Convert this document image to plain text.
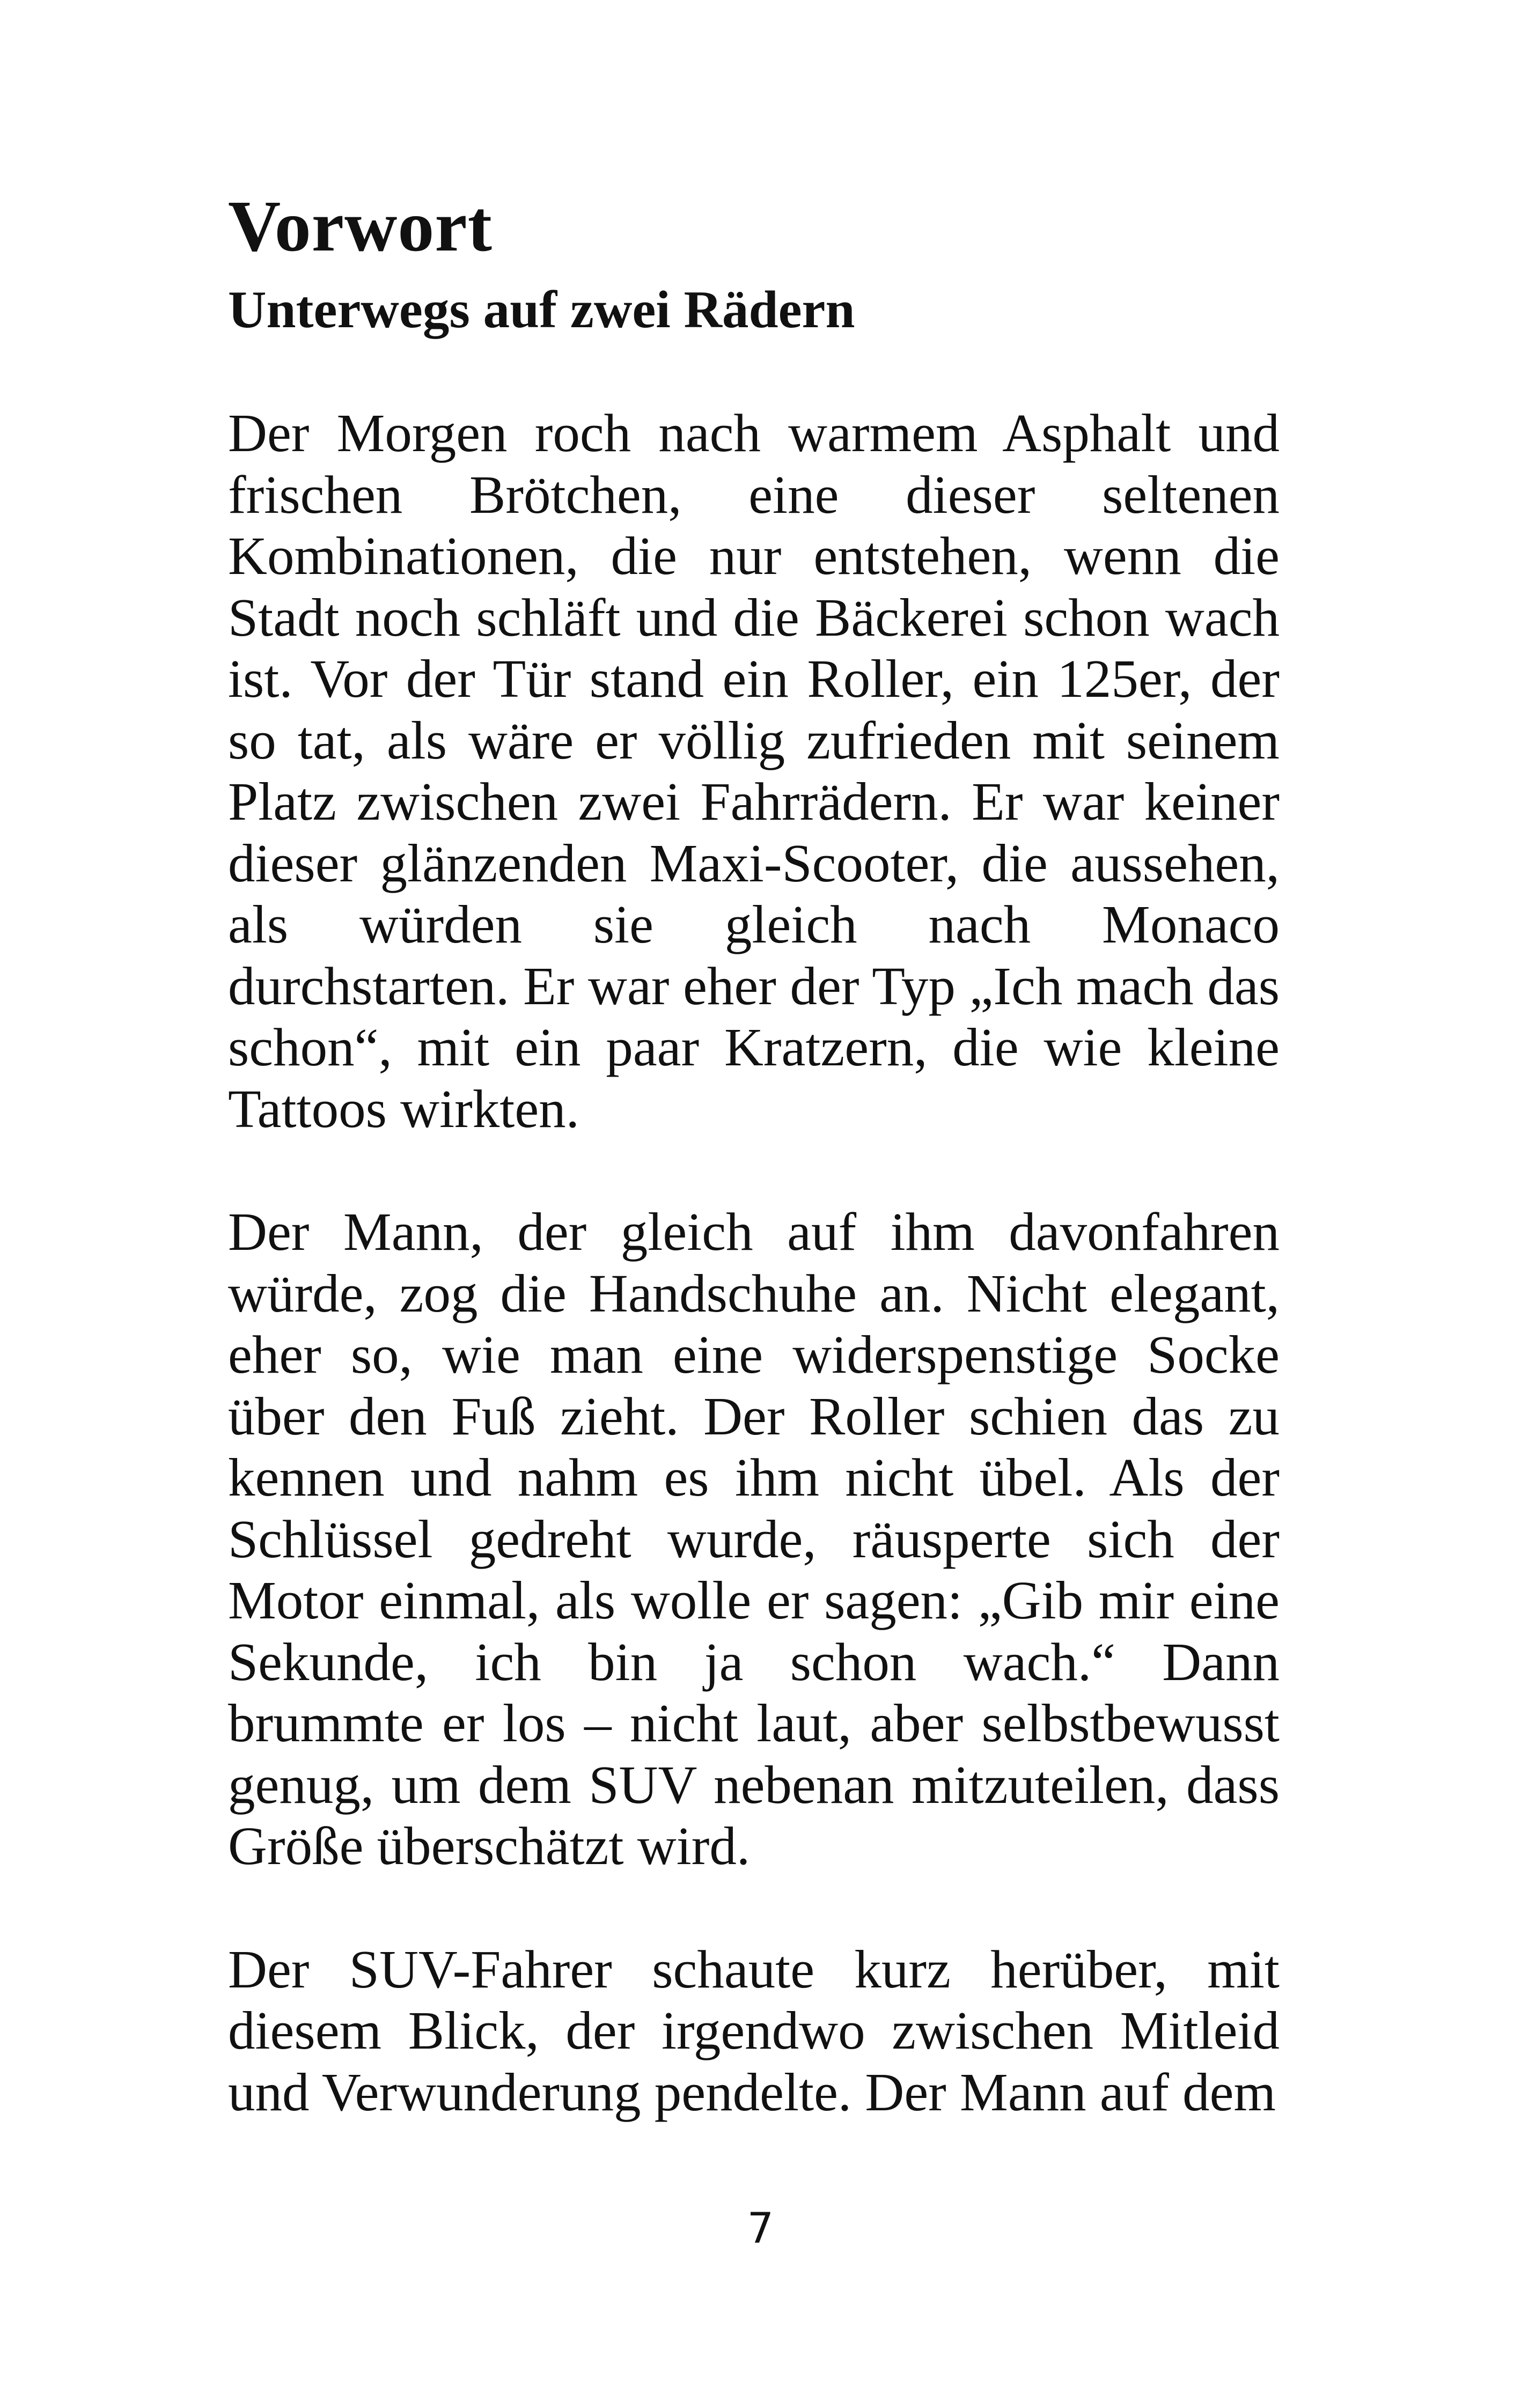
Vorwort
Unterwegs auf zwei Rädern

Der Morgen roch nach warmem Asphalt und frischen Brötchen, eine dieser seltenen Kombinationen, die nur entstehen, wenn die Stadt noch schläft und die Bäckerei schon wach ist. Vor der Tür stand ein Roller, ein 125er, der so tat, als wäre er völlig zufrieden mit seinem Platz zwischen zwei Fahrrädern. Er war keiner dieser glänzenden Maxi-Scooter, die aussehen, als würden sie gleich nach Monaco durchstarten. Er war eher der Typ „Ich mach das schon“, mit ein paar Kratzern, die wie kleine Tattoos wirkten.

Der Mann, der gleich auf ihm davonfahren würde, zog die Handschuhe an. Nicht elegant, eher so, wie man eine widerspenstige Socke über den Fuß zieht. Der Roller schien das zu kennen und nahm es ihm nicht übel. Als der Schlüssel gedreht wurde, räusperte sich der Motor einmal, als wolle er sagen: „Gib mir eine Sekunde, ich bin ja schon wach.“ Dann brummte er los – nicht laut, aber selbstbewusst genug, um dem SUV nebenan mitzuteilen, dass Größe überschätzt wird.

Der SUV-Fahrer schaute kurz herüber, mit diesem Blick, der irgendwo zwischen Mitleid und Verwunderung pendelte. Der Mann auf dem

7
